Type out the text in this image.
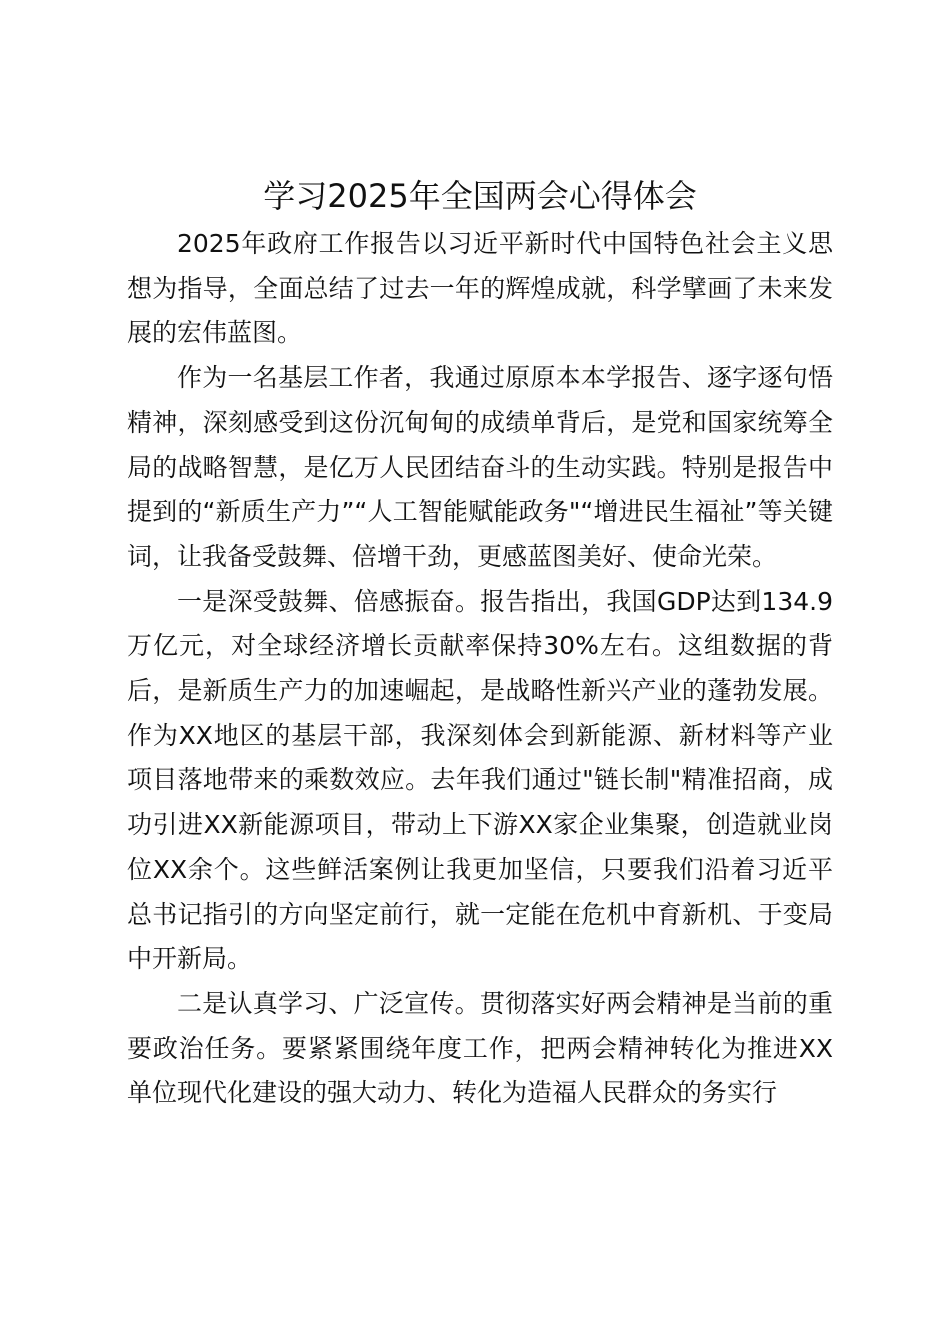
学习2025年全国两会心得体会

2025年政府工作报告以习近平新时代中国特色社会主义思想为指导，全面总结了过去一年的辉煌成就，科学擘画了未来发展的宏伟蓝图。

作为一名基层工作者，我通过原原本本学报告、逐字逐句悟精神，深刻感受到这份沉甸甸的成绩单背后，是党和国家统筹全局的战略智慧，是亿万人民团结奋斗的生动实践。特别是报告中提到的“新质生产力”“人工智能赋能政务"“增进民生福祉”等关键词，让我备受鼓舞、倍增干劲，更感蓝图美好、使命光荣。

一是深受鼓舞、倍感振奋。报告指出，我国GDP达到134.9万亿元，对全球经济增长贡献率保持30%左右。这组数据的背后，是新质生产力的加速崛起，是战略性新兴产业的蓬勃发展。作为XX地区的基层干部，我深刻体会到新能源、新材料等产业项目落地带来的乘数效应。去年我们通过"链长制"精准招商，成功引进XX新能源项目，带动上下游XX家企业集聚，创造就业岗位XX余个。这些鲜活案例让我更加坚信，只要我们沿着习近平总书记指引的方向坚定前行，就一定能在危机中育新机、于变局中开新局。

二是认真学习、广泛宣传。贯彻落实好两会精神是当前的重要政治任务。要紧紧围绕年度工作，把两会精神转化为推进XX单位现代化建设的强大动力、转化为造福人民群众的务实行
